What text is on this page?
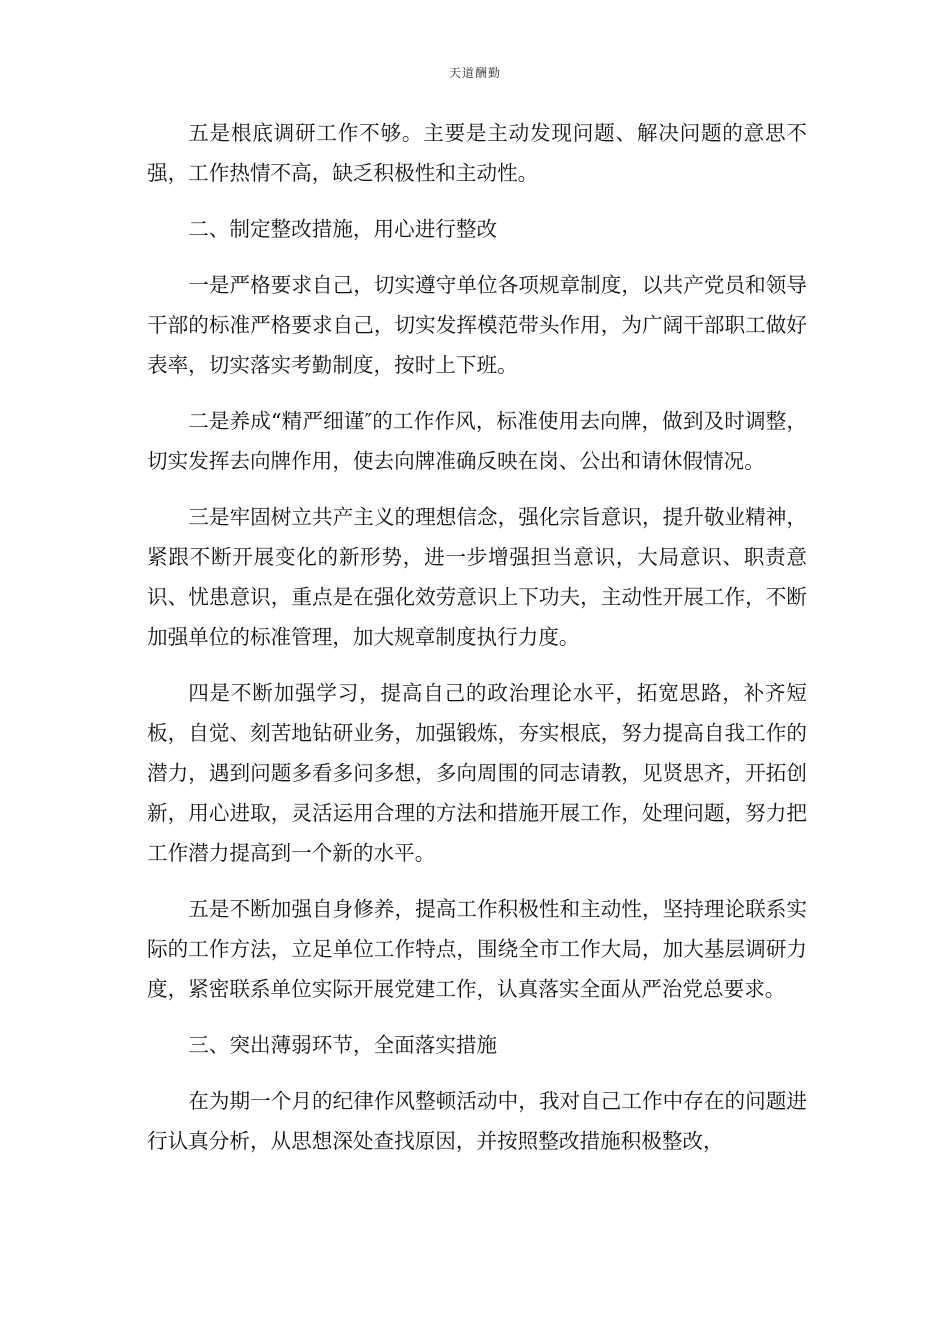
天道酬勤

五是根底调研工作不够。主要是主动发现问题、解决问题的意思不强，工作热情不高，缺乏积极性和主动性。

二、制定整改措施，用心进行整改

一是严格要求自己，切实遵守单位各项规章制度，以共产党员和领导干部的标准严格要求自己，切实发挥模范带头作用，为广阔干部职工做好表率，切实落实考勤制度，按时上下班。

二是养成“精严细谨″的工作作风，标准使用去向牌，做到及时调整，切实发挥去向牌作用，使去向牌准确反映在岗、公出和请休假情况。

三是牢固树立共产主义的理想信念，强化宗旨意识，提升敬业精神，紧跟不断开展变化的新形势，进一步增强担当意识，大局意识、职责意识、忧患意识，重点是在强化效劳意识上下功夫，主动性开展工作，不断加强单位的标准管理，加大规章制度执行力度。

四是不断加强学习，提高自己的政治理论水平，拓宽思路，补齐短板，自觉、刻苦地钻研业务，加强锻炼，夯实根底，努力提高自我工作的潜力，遇到问题多看多问多想，多向周围的同志请教，见贤思齐，开拓创新，用心进取，灵活运用合理的方法和措施开展工作，处理问题，努力把工作潜力提高到一个新的水平。

五是不断加强自身修养，提高工作积极性和主动性，坚持理论联系实际的工作方法，立足单位工作特点，围绕全市工作大局，加大基层调研力度，紧密联系单位实际开展党建工作，认真落实全面从严治党总要求。

三、突出薄弱环节，全面落实措施

在为期一个月的纪律作风整顿活动中，我对自己工作中存在的问题进行认真分析，从思想深处查找原因，并按照整改措施积极整改，
